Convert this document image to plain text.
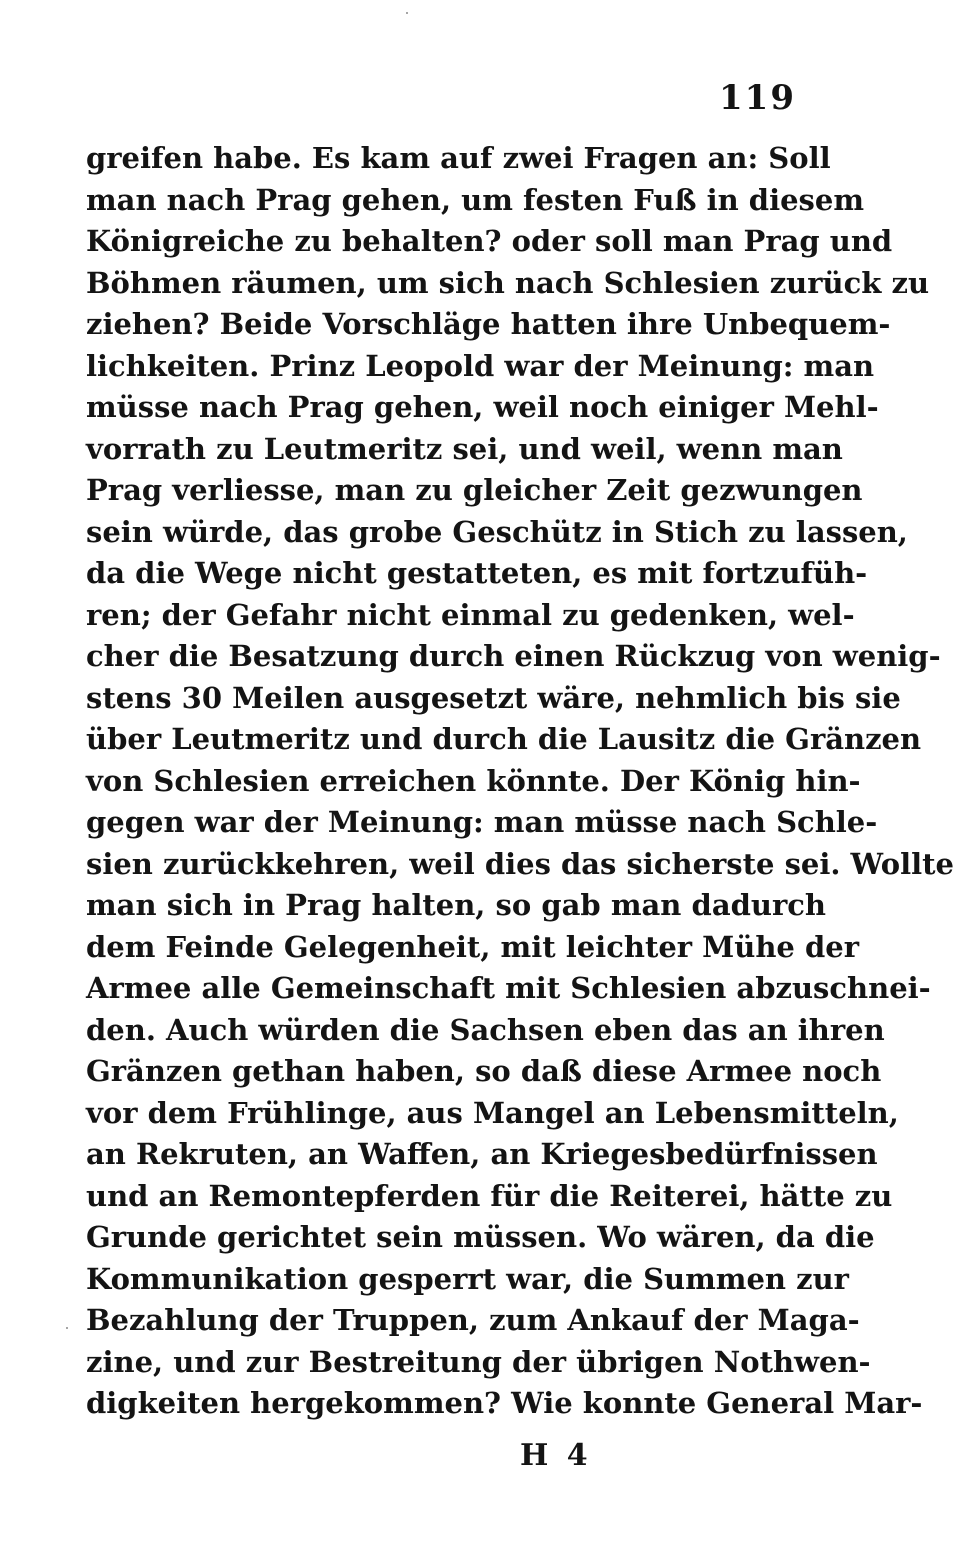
119
greifen habe. Es kam auf zwei Fragen an: Soll
man nach Prag gehen, um festen Fuß in diesem
Königreiche zu behalten? oder soll man Prag und
Böhmen räumen, um sich nach Schlesien zurück zu
ziehen? Beide Vorschläge hatten ihre Unbequem-
lichkeiten. Prinz Leopold war der Meinung: man
müsse nach Prag gehen, weil noch einiger Mehl-
vorrath zu Leutmeritz sei, und weil, wenn man
Prag verliesse, man zu gleicher Zeit gezwungen
sein würde, das grobe Geschütz in Stich zu lassen,
da die Wege nicht gestatteten, es mit fortzufüh-
ren; der Gefahr nicht einmal zu gedenken, wel-
cher die Besatzung durch einen Rückzug von wenig-
stens 30 Meilen ausgesetzt wäre, nehmlich bis sie
über Leutmeritz und durch die Lausitz die Gränzen
von Schlesien erreichen könnte. Der König hin-
gegen war der Meinung: man müsse nach Schle-
sien zurückkehren, weil dies das sicherste sei. Wollte
man sich in Prag halten, so gab man dadurch
dem Feinde Gelegenheit, mit leichter Mühe der
Armee alle Gemeinschaft mit Schlesien abzuschnei-
den. Auch würden die Sachsen eben das an ihren
Gränzen gethan haben, so daß diese Armee noch
vor dem Frühlinge, aus Mangel an Lebensmitteln,
an Rekruten, an Waffen, an Kriegesbedürfnissen
und an Remontepferden für die Reiterei, hätte zu
Grunde gerichtet sein müssen. Wo wären, da die
Kommunikation gesperrt war, die Summen zur
Bezahlung der Truppen, zum Ankauf der Maga-
zine, und zur Bestreitung der übrigen Nothwen-
digkeiten hergekommen? Wie konnte General Mar-
H 4
